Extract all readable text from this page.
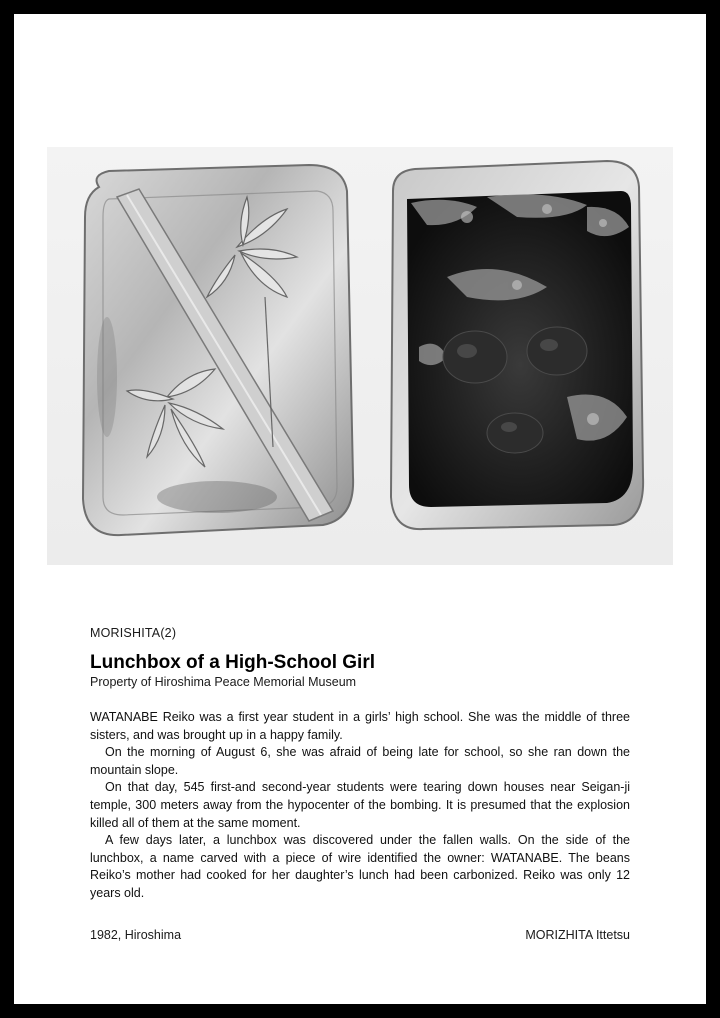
MORISHITA(2)

Lunchbox of a High-School Girl

Property of Hiroshima Peace Memorial Museum

WATANABE Reiko was a first year student in a girls’ high school. She was the middle of three sisters, and was brought up in a happy family.

On the morning of August 6, she was afraid of being late for school, so she ran down the mountain slope.

On that day, 545 first-and second-year students were tearing down houses near Seigan-ji temple, 300 meters away from the hypocenter of the bombing. It is presumed that the explosion killed all of them at the same moment.

A few days later, a lunchbox was discovered under the fallen walls. On the side of the lunchbox, a name carved with a piece of wire identified the owner: WATANABE. The beans Reiko’s mother had cooked for her daughter’s lunch had been carbonized. Reiko was only 12 years old.

1982, Hiroshima	MORIZHITA Ittetsu
